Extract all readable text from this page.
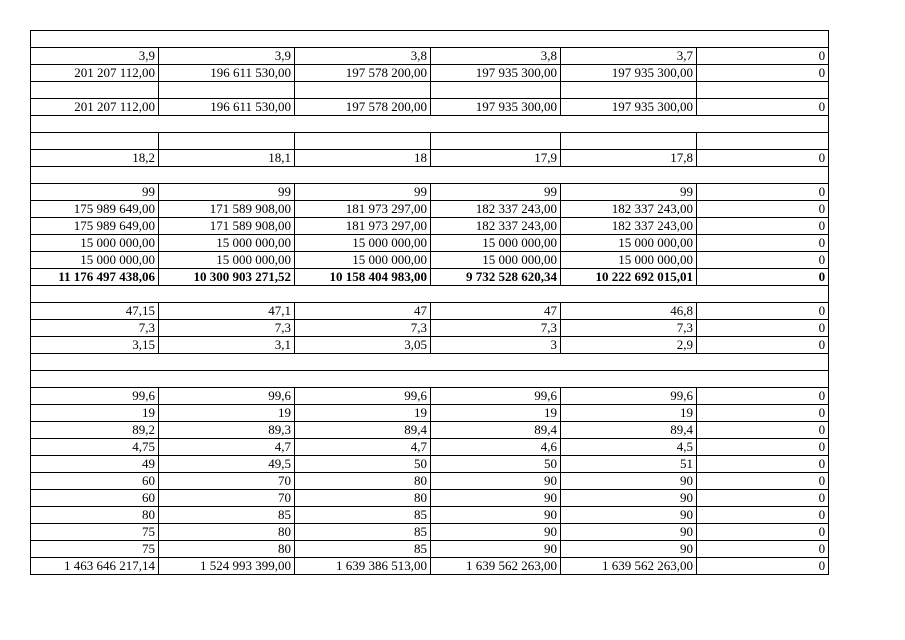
3,9	3,9	3,8	3,8	3,7	0
201 207 112,00	196 611 530,00	197 578 200,00	197 935 300,00	197 935 300,00	0

201 207 112,00	196 611 530,00	197 578 200,00	197 935 300,00	197 935 300,00	0

18,2	18,1	18	17,9	17,8	0

99	99	99	99	99	0
175 989 649,00	171 589 908,00	181 973 297,00	182 337 243,00	182 337 243,00	0
175 989 649,00	171 589 908,00	181 973 297,00	182 337 243,00	182 337 243,00	0
15 000 000,00	15 000 000,00	15 000 000,00	15 000 000,00	15 000 000,00	0
15 000 000,00	15 000 000,00	15 000 000,00	15 000 000,00	15 000 000,00	0
11 176 497 438,06	10 300 903 271,52	10 158 404 983,00	9 732 528 620,34	10 222 692 015,01	0

47,15	47,1	47	47	46,8	0
7,3	7,3	7,3	7,3	7,3	0
3,15	3,1	3,05	3	2,9	0

99,6	99,6	99,6	99,6	99,6	0
19	19	19	19	19	0
89,2	89,3	89,4	89,4	89,4	0
4,75	4,7	4,7	4,6	4,5	0
49	49,5	50	50	51	0
60	70	80	90	90	0
60	70	80	90	90	0
80	85	85	90	90	0
75	80	85	90	90	0
75	80	85	90	90	0
1 463 646 217,14	1 524 993 399,00	1 639 386 513,00	1 639 562 263,00	1 639 562 263,00	0
